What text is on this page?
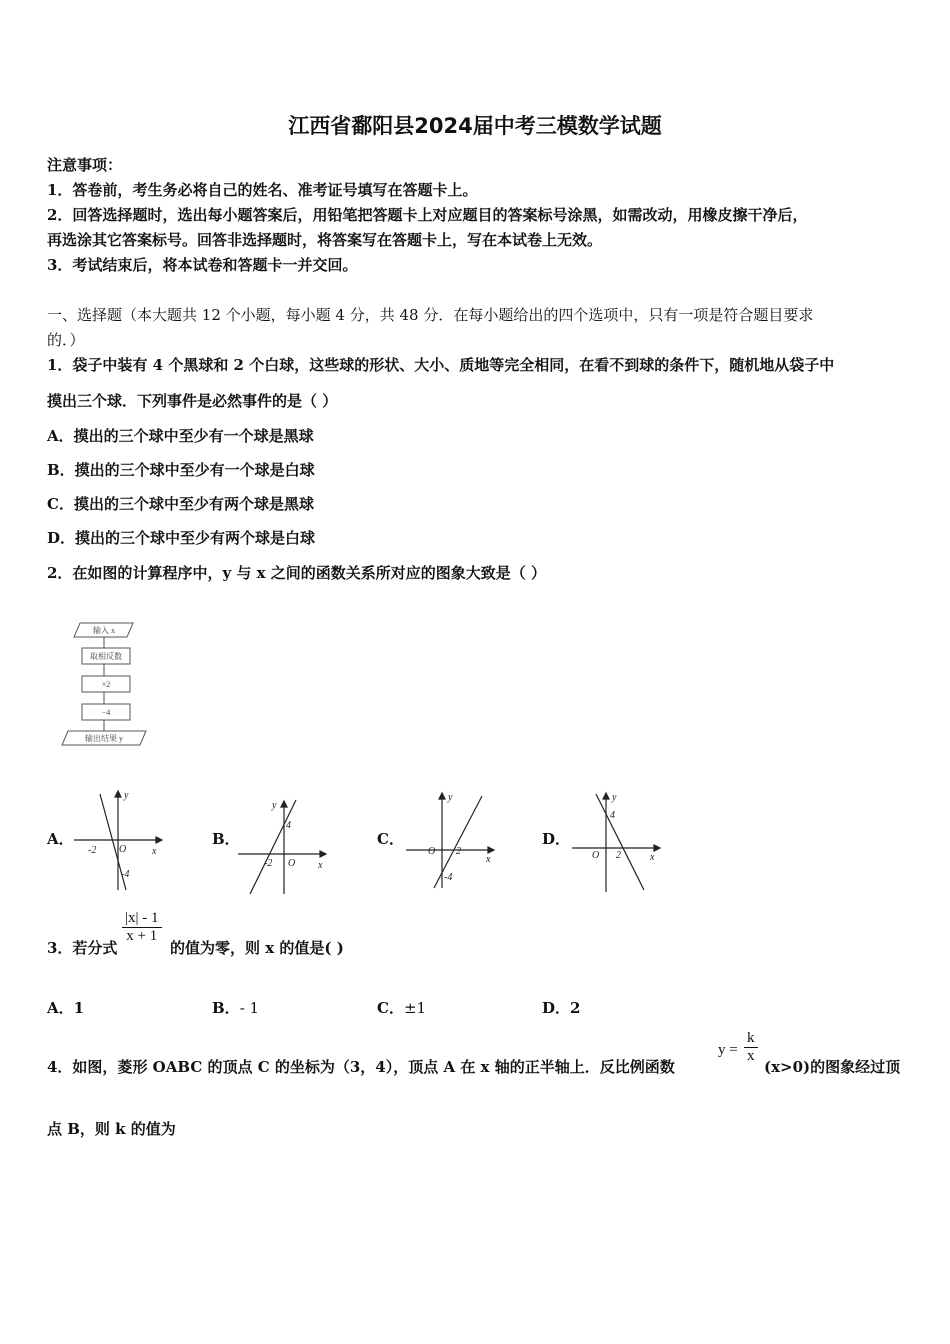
江西省鄱阳县2024届中考三模数学试题
注意事项：
1．答卷前，考生务必将自己的姓名、准考证号填写在答题卡上。
2．回答选择题时，选出每小题答案后，用铅笔把答题卡上对应题目的答案标号涂黑，如需改动，用橡皮擦干净后，
再选涂其它答案标号。回答非选择题时，将答案写在答题卡上，写在本试卷上无效。
3．考试结束后，将本试卷和答题卡一并交回。
一、选择题（本大题共 12 个小题，每小题 4 分，共 48 分．在每小题给出的四个选项中，只有一项是符合题目要求
的．）
1．袋子中装有 4 个黑球和 2 个白球，这些球的形状、大小、质地等完全相同，在看不到球的条件下，随机地从袋子中
摸出三个球．下列事件是必然事件的是（ ）
A．摸出的三个球中至少有一个球是黑球
B．摸出的三个球中至少有一个球是白球
C．摸出的三个球中至少有两个球是黑球
D．摸出的三个球中至少有两个球是白球
2．在如图的计算程序中，y 与 x 之间的函数关系所对应的图象大致是（ ）
输入 x
取相反数
×2
−4
输出结果 y
A．	B．	C．	D．
y
x
O
-2
-4
y
x
O
-2
4
y
x
O 2
-4
y
x
O 2
4
3．若分式
$\frac{|x| - 1}{x + 1}$
的值为零，则 x 的值是( )
A．1	B．- 1	C．±1	D．2
4．如图，菱形 OABC 的顶点 C 的坐标为（3，4），顶点 A 在 x 轴的正半轴上．反比例函数
$y = \frac{k}{x}$
(x>0)的图象经过顶
点 B，则 k 的值为
